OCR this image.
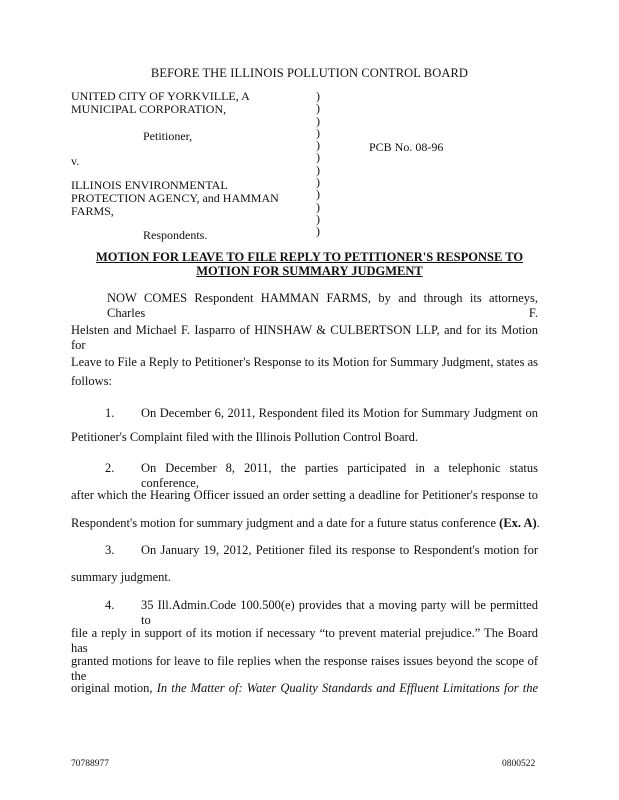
BEFORE THE ILLINOIS POLLUTION CONTROL BOARD
UNITED CITY OF YORKVILLE, A
MUNICIPAL CORPORATION,
Petitioner,
v.
ILLINOIS ENVIRONMENTAL
PROTECTION AGENCY, and HAMMAN
FARMS,
Respondents.
)
)
)
)
)
)
)
)
)
)
)
)
PCB No. 08-96
MOTION FOR LEAVE TO FILE REPLY TO PETITIONER'S RESPONSE TO
MOTION FOR SUMMARY JUDGMENT
NOW COMES Respondent HAMMAN FARMS, by and through its attorneys, Charles F.
Helsten and Michael F. Iasparro of HINSHAW & CULBERTSON LLP, and for its Motion for
Leave to File a Reply to Petitioner's Response to its Motion for Summary Judgment, states as
follows:
1.	On December 6, 2011, Respondent filed its Motion for Summary Judgment on
Petitioner's Complaint filed with the Illinois Pollution Control Board.
2.	On December 8, 2011, the parties participated in a telephonic status conference,
after which the Hearing Officer issued an order setting a deadline for Petitioner's response to
Respondent's motion for summary judgment and a date for a future status conference (Ex. A).
3.	On January 19, 2012, Petitioner filed its response to Respondent's motion for
summary judgment.
4.	35 Ill.Admin.Code 100.500(e) provides that a moving party will be permitted to
file a reply in support of its motion if necessary “to prevent material prejudice.” The Board has
granted motions for leave to file replies when the response raises issues beyond the scope of the
original motion, In the Matter of: Water Quality Standards and Effluent Limitations for the
70788977	0800522
